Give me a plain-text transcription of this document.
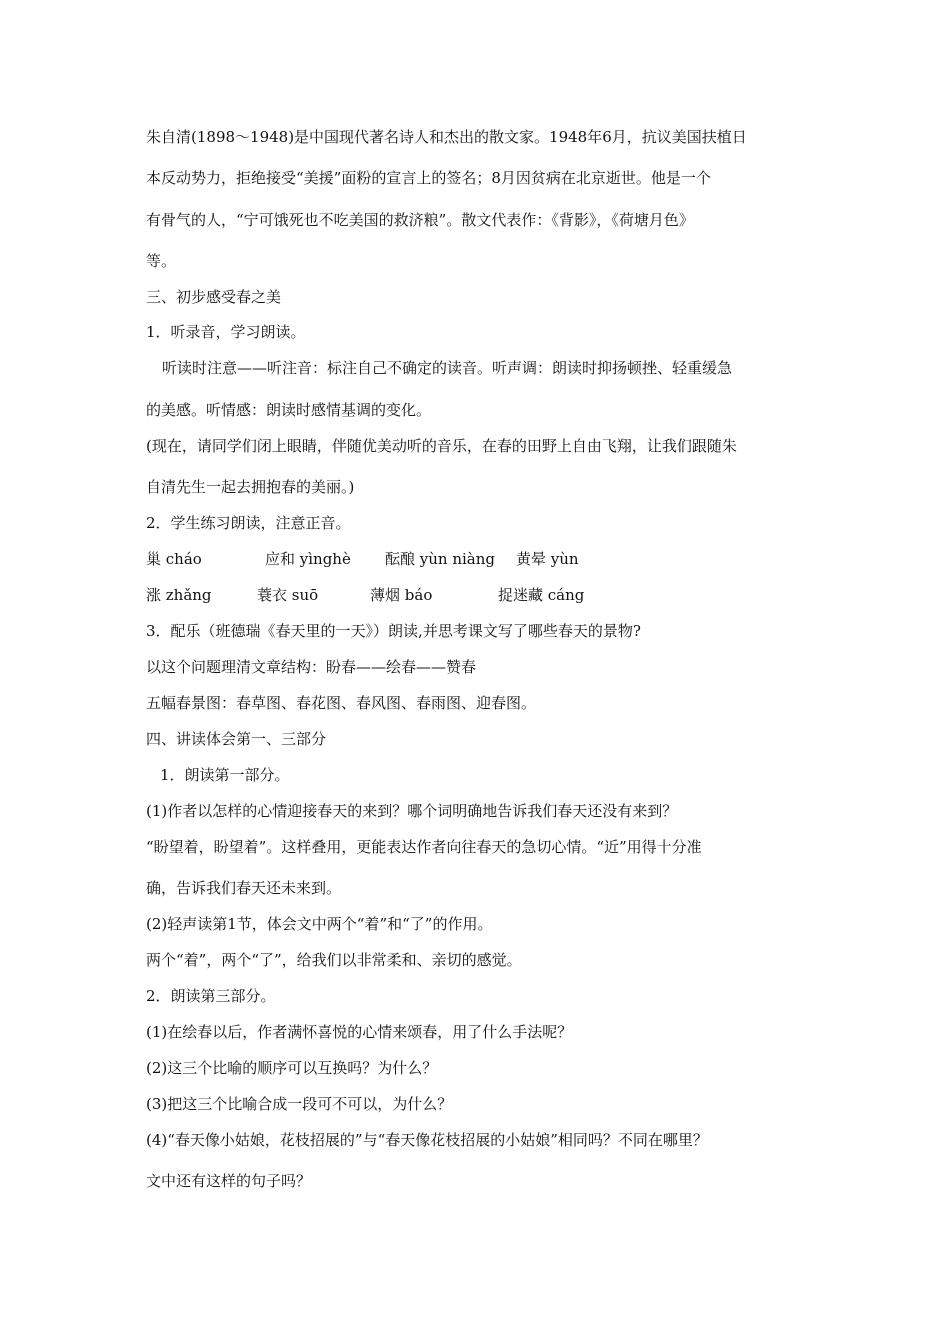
朱自清(1898～1948)是中国现代著名诗人和杰出的散文家。1948年6月，抗议美国扶植日
本反动势力，拒绝接受“美援”面粉的宣言上的签名；8月因贫病在北京逝世。他是一个
有骨气的人，“宁可饿死也不吃美国的救济粮”。散文代表作：《背影》，《荷塘月色》
等。
三、初步感受春之美
1．听录音，学习朗读。
听读时注意——听注音：标注自己不确定的读音。听声调：朗读时抑扬顿挫、轻重缓急
的美感。听情感：朗读时感情基调的变化。
(现在，请同学们闭上眼睛，伴随优美动听的音乐，在春的田野上自由飞翔，让我们跟随朱
自清先生一起去拥抱春的美丽。)
2．学生练习朗读，注意正音。
巢 cháo	应和 yìnghè 酝酿 yùn niàng 黄晕 yùn
涨 zhǎng	蓑衣 suō	薄烟 báo	捉迷藏 cáng
3．配乐（班德瑞《春天里的一天》）朗读,并思考课文写了哪些春天的景物?
以这个问题理清文章结构：盼春——绘春——赞春
五幅春景图：春草图、春花图、春风图、春雨图、迎春图。
四、讲读体会第一、三部分
1．朗读第一部分。
(1)作者以怎样的心情迎接春天的来到？哪个词明确地告诉我们春天还没有来到？
“盼望着，盼望着”。这样叠用，更能表达作者向往春天的急切心情。“近”用得十分准
确，告诉我们春天还未来到。
(2)轻声读第1节，体会文中两个“着”和“了”的作用。
两个“着”，两个“了”，给我们以非常柔和、亲切的感觉。
2．朗读第三部分。
(1)在绘春以后，作者满怀喜悦的心情来颂春，用了什么手法呢？
(2)这三个比喻的顺序可以互换吗？为什么？
(3)把这三个比喻合成一段可不可以，为什么？
(4)“春天像小姑娘，花枝招展的”与“春天像花枝招展的小姑娘”相同吗？不同在哪里？
文中还有这样的句子吗？
